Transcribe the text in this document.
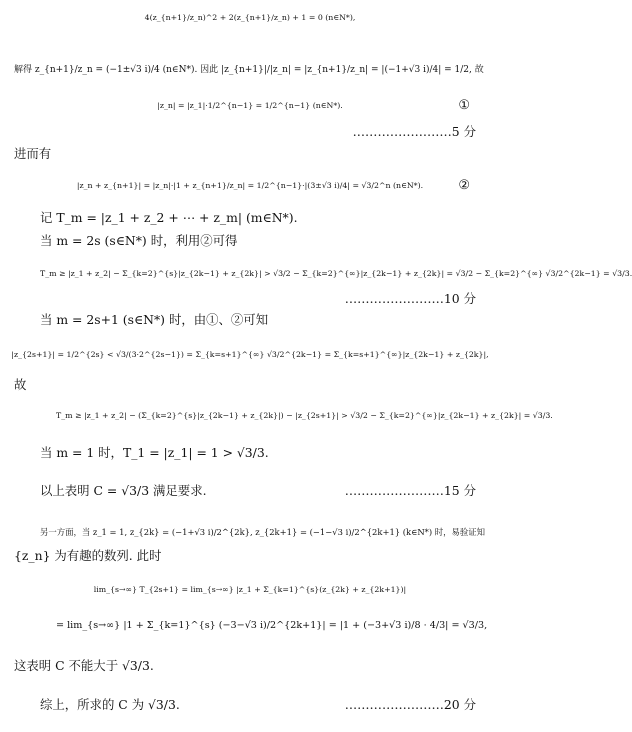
4(z_{n+1}/z_n)^2 + 2(z_{n+1}/z_n) + 1 = 0 (n∈N*),
解得 z_{n+1}/z_n = (−1±√3 i)/4 (n∈N*). 因此 |z_{n+1}|/|z_n| = |z_{n+1}/z_n| = |(−1+√3 i)/4| = 1/2, 故
|z_n| = |z_1|·1/2^{n−1} = 1/2^{n−1} (n∈N*).	①
……………………5 分
进而有
|z_n + z_{n+1}| = |z_n|·|1 + z_{n+1}/z_n| = 1/2^{n−1}·|(3±√3 i)/4| = √3/2^n (n∈N*).	②
记 T_m = |z_1 + z_2 + ⋯ + z_m| (m∈N*).
当 m = 2s (s∈N*) 时，利用②可得
T_m ≥ |z_1 + z_2| − Σ_{k=2}^{s}|z_{2k−1} + z_{2k}| > √3/2 − Σ_{k=2}^{∞}|z_{2k−1} + z_{2k}| = √3/2 − Σ_{k=2}^{∞} √3/2^{2k−1} = √3/3.
……………………10 分
当 m = 2s+1 (s∈N*) 时，由①、②可知
|z_{2s+1}| = 1/2^{2s} < √3/(3·2^{2s−1}) = Σ_{k=s+1}^{∞} √3/2^{2k−1} = Σ_{k=s+1}^{∞}|z_{2k−1} + z_{2k}|,
故
T_m ≥ |z_1 + z_2| − (Σ_{k=2}^{s}|z_{2k−1} + z_{2k}|) − |z_{2s+1}| > √3/2 − Σ_{k=2}^{∞}|z_{2k−1} + z_{2k}| = √3/3.
当 m = 1 时，T_1 = |z_1| = 1 > √3/3.
以上表明 C = √3/3 满足要求.	……………………15 分
另一方面，当 z_1 = 1, z_{2k} = (−1+√3 i)/2^{2k}, z_{2k+1} = (−1−√3 i)/2^{2k+1} (k∈N*) 时，易验证知
{z_n} 为有趣的数列. 此时
lim_{s→∞} T_{2s+1} = lim_{s→∞} |z_1 + Σ_{k=1}^{s}(z_{2k} + z_{2k+1})|
= lim_{s→∞} |1 + Σ_{k=1}^{s} (−3−√3 i)/2^{2k+1}| = |1 + (−3+√3 i)/8 · 4/3| = √3/3,
这表明 C 不能大于 √3/3.
综上，所求的 C 为 √3/3.	……………………20 分
